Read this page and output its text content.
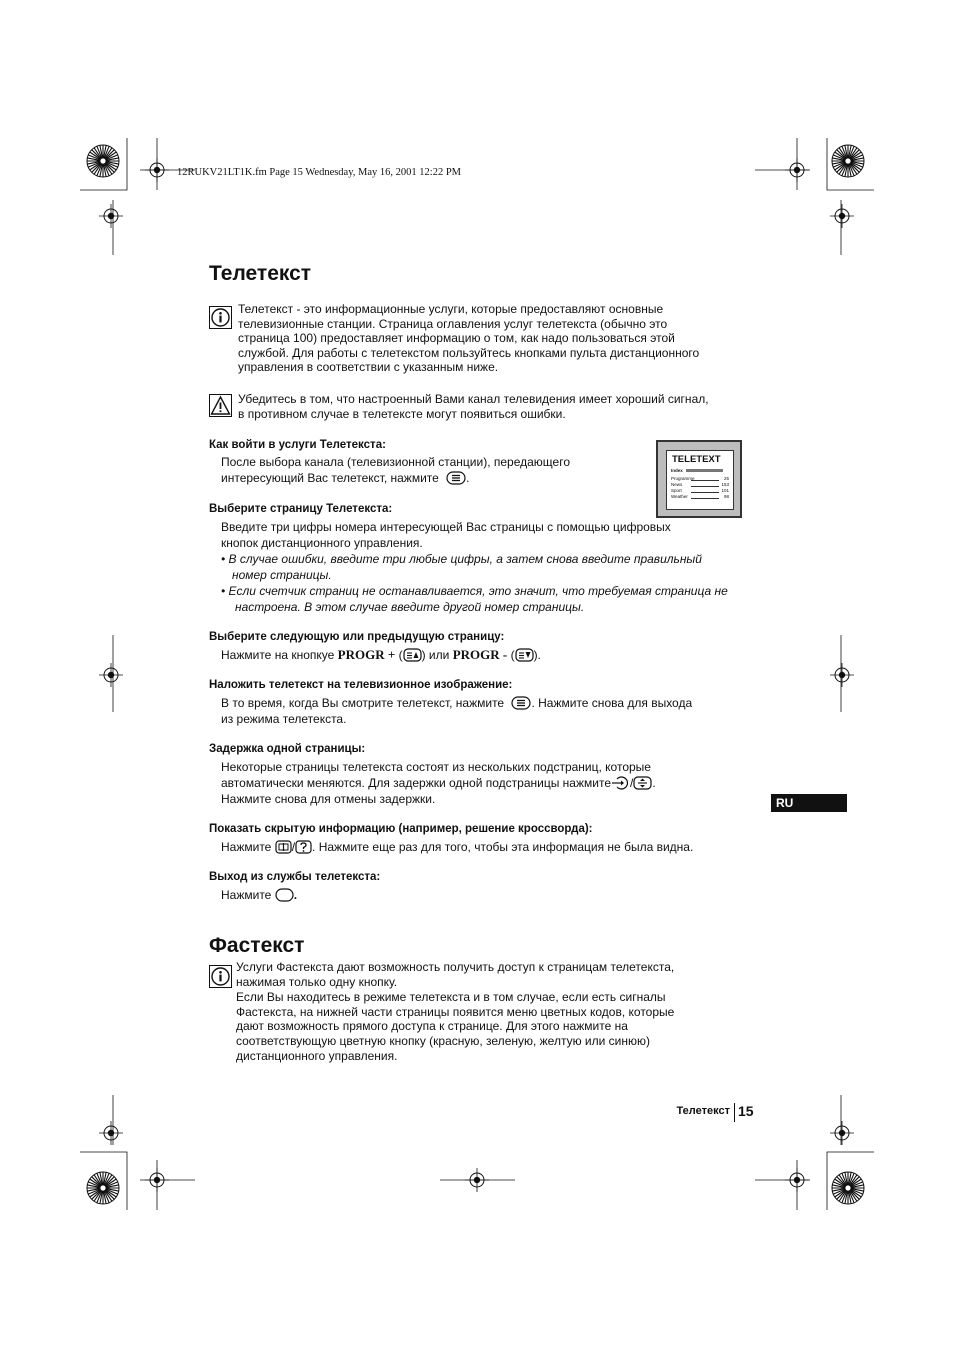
12RUKV21LT1K.fm Page 15 Wednesday, May 16, 2001 12:22 PM
Телетекст
Телетекст - это информационные услуги, которые предоставляют основные
телевизионные станции. Страница оглавления услуг телетекста (обычно это
страница 100) предоставляет информацию о том, как надо пользоваться этой
службой. Для работы с телетекстом пользуйтесь кнопками пульта дистанционного
управления в соответствии с указанным ниже.
Убедитесь в том, что настроенный Вами канал телевидения имеет хороший сигнал,
в противном случае в телетексте могут появиться ошибки.
TELETEXT
Index
Programme	25
News	153
Sport	101
Weather	98
Как войти в услуги Телетекста:
После выбора канала (телевизионной станции), передающего
интересующий Вас телетекст, нажмите .
Выберите страницу Телетекста:
Введите три цифры номера интересующей Вас страницы с помощью цифровых
кнопок дистанционного управления.
• В случае ошибки, введите три любые цифры, а затем снова введите правильный
номер страницы.
• Если счетчик страниц не останавливается, это значит, что требуемая страница не
настроена. В этом случае введите другой номер страницы.
Выберите следующую или предыдущую страницу:
Нажмите на кнопкуе PROGR + ( ) или PROGR - ( ).
Наложить телетекст на телевизионное изображение:
В то время, когда Вы смотрите телетекст, нажмите . Нажмите снова для выхода
из режима телетекста.
Задержка одной страницы:
Некоторые страницы телетекста состоят из нескольких подстраниц, которые
автоматически меняются. Для задержки одной подстраницы нажмите / .
Нажмите снова для отмены задержки.
Показать скрытую информацию (например, решение кроссворда):
Нажмите / . Нажмите еще раз для того, чтобы эта информация не была видна.
Выход из службы телетекста:
Нажмите .
Фастекст
Услуги Фастекста дают возможность получить доступ к страницам телетекста,
нажимая только одну кнопку.
Если Вы находитесь в режиме телетекста и в том случае, если есть сигналы
Фастекста, на нижней части страницы появится меню цветных кодов, которые
дают возможность прямого доступа к странице. Для этого нажмите на
соответствующую цветную кнопку (красную, зеленую, желтую или синюю)
дистанционного управления.
RU
Телетекст 15
